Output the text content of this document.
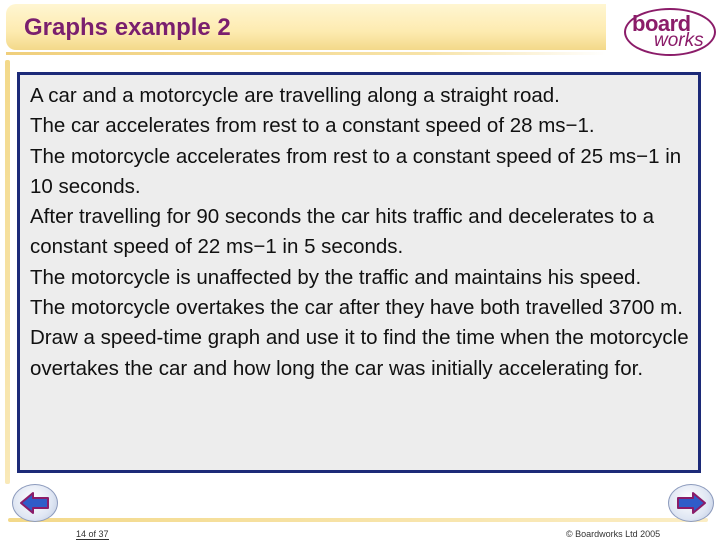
Graphs example 2	board
works

A car and a motorcycle are travelling along a straight road.

The car accelerates from rest to a constant speed of 28 ms−1.

The motorcycle accelerates from rest to a constant speed of 25 ms−1 in 10 seconds.

After travelling for 90 seconds the car hits traffic and decelerates to a constant speed of 22 ms−1 in 5 seconds.

The motorcycle is unaffected by the traffic and maintains his speed.

The motorcycle overtakes the car after they have both travelled 3700 m.

Draw a speed-time graph and use it to find the time when the motorcycle overtakes the car and how long the car was initially accelerating for.

14 of 37	© Boardworks Ltd 2005
